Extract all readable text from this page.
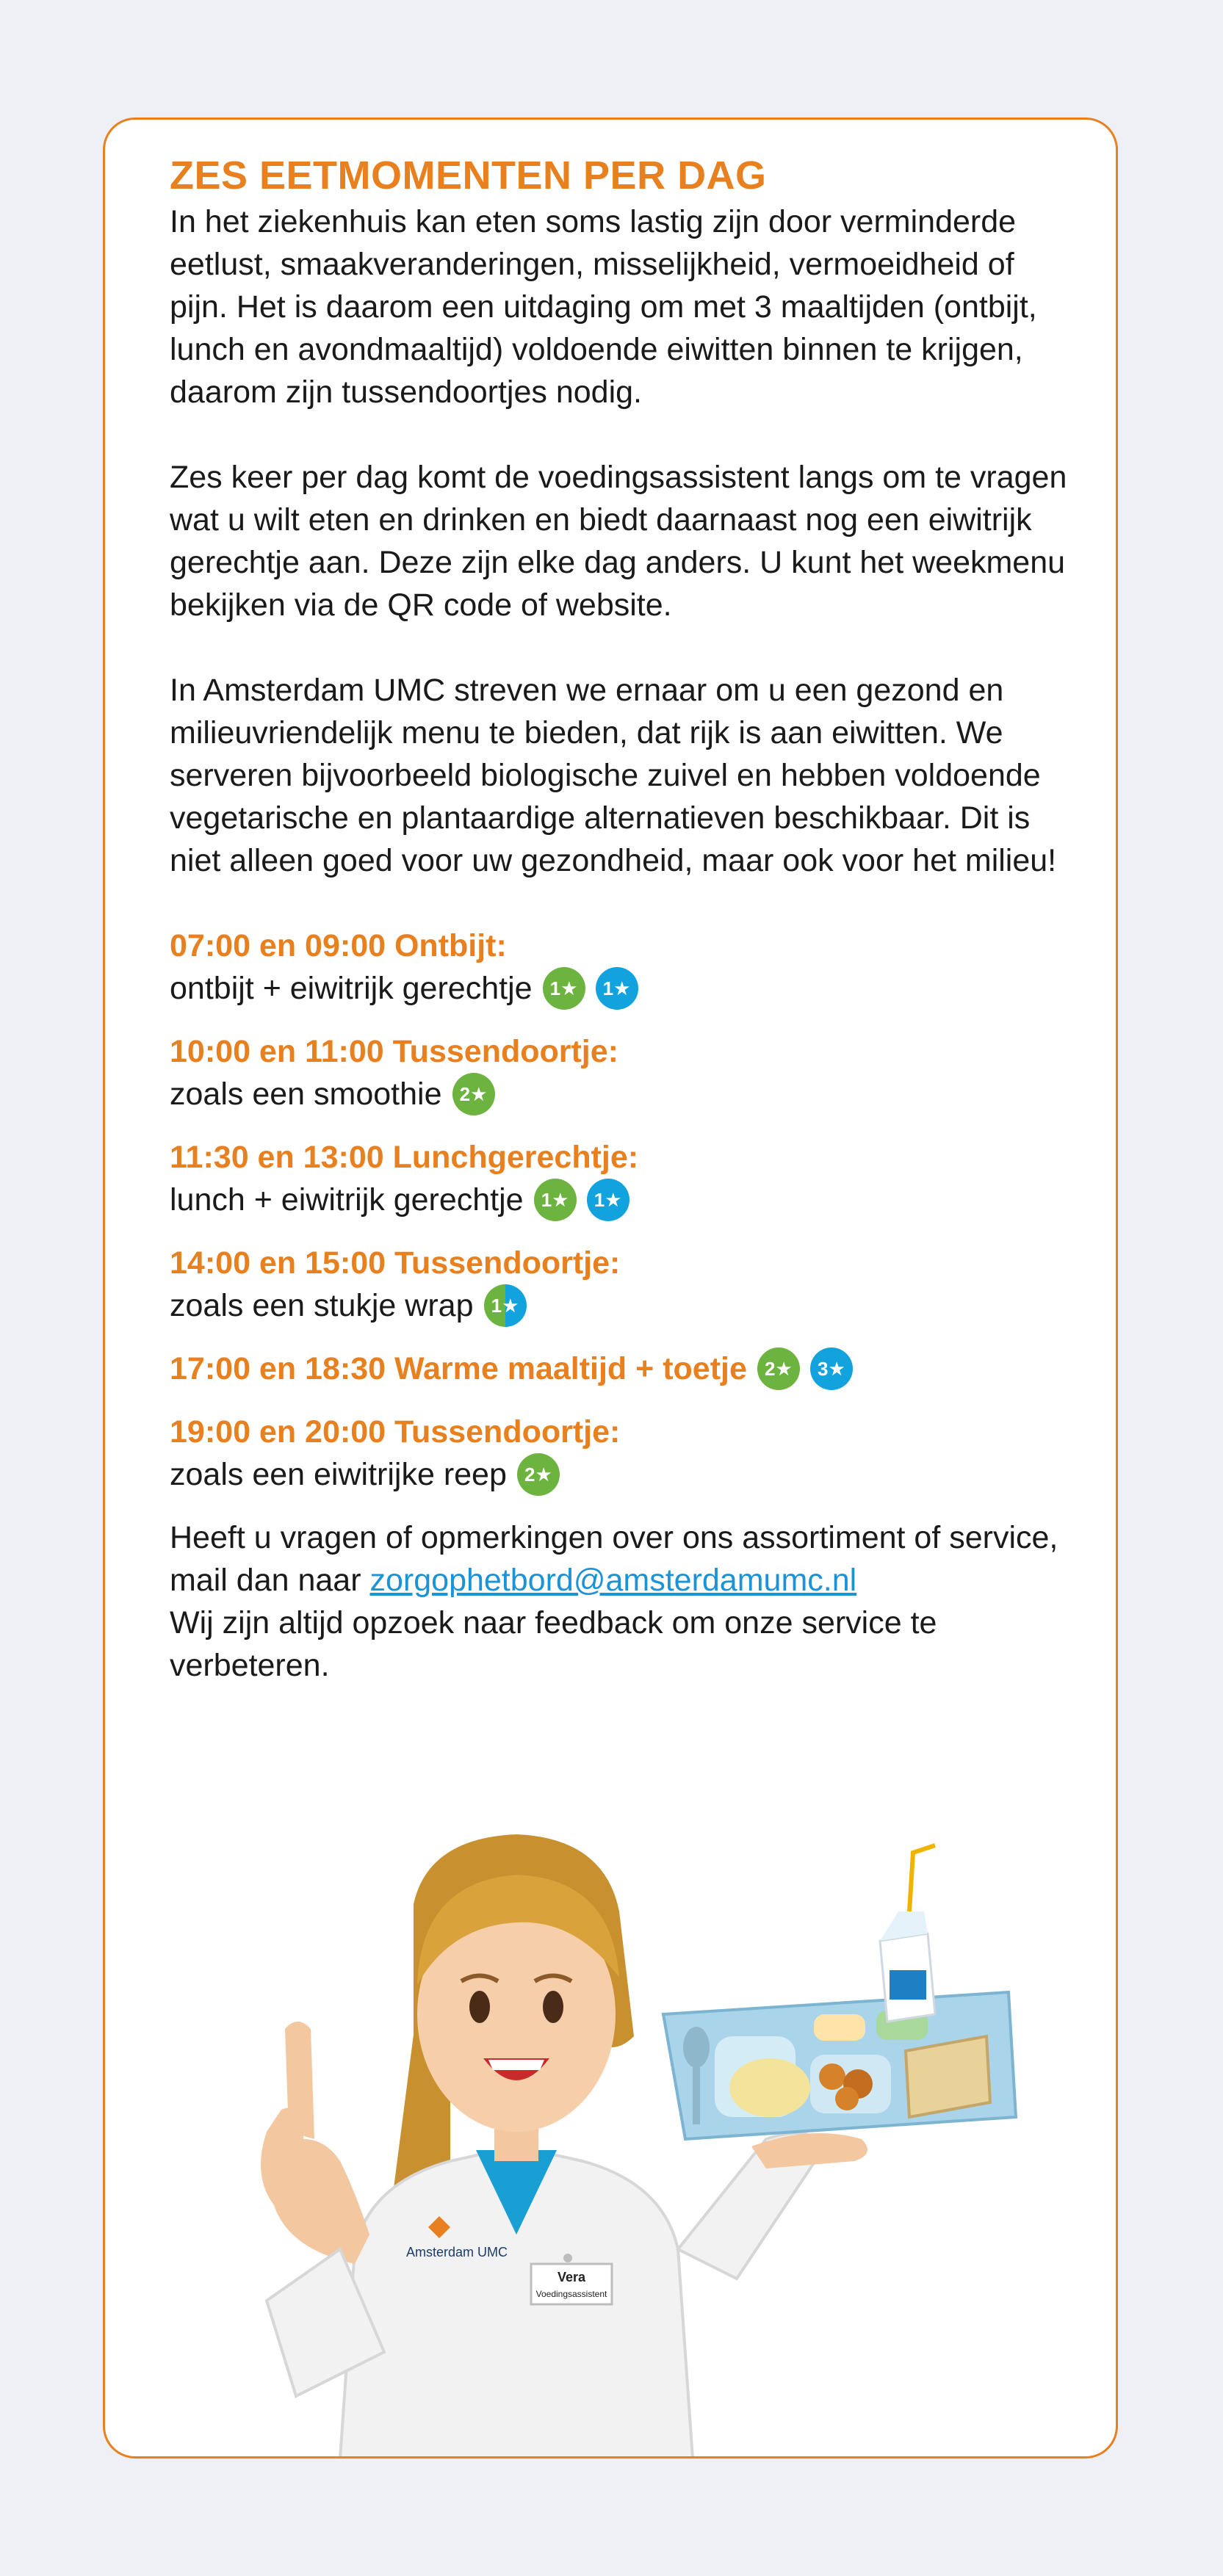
ZES EETMOMENTEN PER DAG

In het ziekenhuis kan eten soms lastig zijn door verminderde eetlust, smaakveranderingen, misselijkheid, vermoeidheid of pijn. Het is daarom een uitdaging om met 3 maaltijden (ontbijt, lunch en avondmaaltijd) voldoende eiwitten binnen te krijgen, daarom zijn tussendoortjes nodig.

Zes keer per dag komt de voedingsassistent langs om te vragen wat u wilt eten en drinken en biedt daarnaast nog een eiwitrijk gerechtje aan. Deze zijn elke dag anders. U kunt het weekmenu bekijken via de QR code of website.

In Amsterdam UMC streven we ernaar om u een gezond en milieuvriendelijk menu te bieden, dat rijk is aan eiwitten. We serveren bijvoorbeeld biologische zuivel en hebben voldoende vegetarische en plantaardige alternatieven beschikbaar. Dit is niet alleen goed voor uw gezondheid, maar ook voor het milieu!

07:00 en 09:00 Ontbijt:
ontbijt + eiwitrijk gerechtje 1★	1★
10:00 en 11:00 Tussendoortje:
zoals een smoothie 2★
11:30 en 13:00 Lunchgerechtje:
lunch + eiwitrijk gerechtje 1★	1★
14:00 en 15:00 Tussendoortje:
zoals een stukje wrap 1★
17:00 en 18:30 Warme maaltijd + toetje 2★	3★
19:00 en 20:00 Tussendoortje:
zoals een eiwitrijke reep 2★

Heeft u vragen of opmerkingen over ons assortiment of service, mail dan naar zorgophetbord@amsterdamumc.nl
Wij zijn altijd opzoek naar feedback om onze service te verbeteren.

Amsterdam UMC
Vera
Voedingsassistent
